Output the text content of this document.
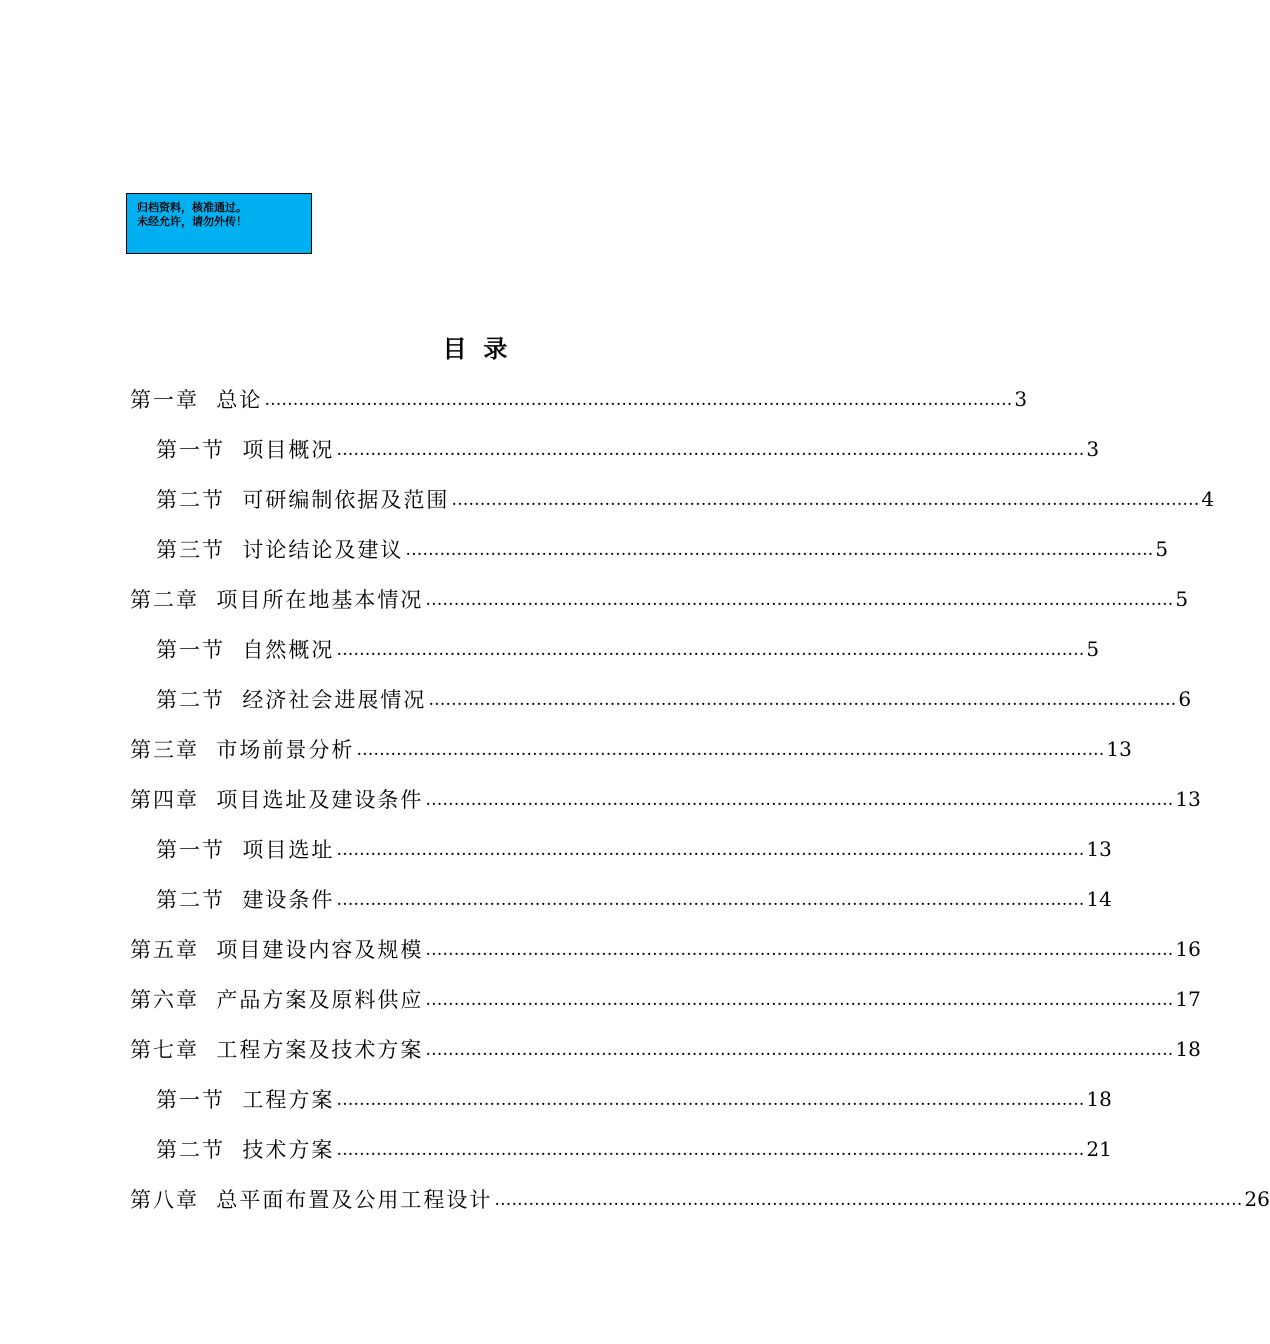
归档资料，核准通过。
未经允许，请勿外传！
目  录
第一章  总论 …………………………………………………………………………………………………………………… 3
第一节  项目概况 …………………………………………………………………………………………………………………… 3
第二节  可研编制依据及范围 …………………………………………………………………………………………………………………… 4
第三节  讨论结论及建议 …………………………………………………………………………………………………………………… 5
第二章  项目所在地基本情况 …………………………………………………………………………………………………………………… 5
第一节  自然概况 …………………………………………………………………………………………………………………… 5
第二节  经济社会进展情况 …………………………………………………………………………………………………………………… 6
第三章  市场前景分析 …………………………………………………………………………………………………………………… 13
第四章  项目选址及建设条件 …………………………………………………………………………………………………………………… 13
第一节  项目选址 …………………………………………………………………………………………………………………… 13
第二节  建设条件 …………………………………………………………………………………………………………………… 14
第五章  项目建设内容及规模 …………………………………………………………………………………………………………………… 16
第六章  产品方案及原料供应 …………………………………………………………………………………………………………………… 17
第七章  工程方案及技术方案 …………………………………………………………………………………………………………………… 18
第一节  工程方案 …………………………………………………………………………………………………………………… 18
第二节  技术方案 …………………………………………………………………………………………………………………… 21
第八章  总平面布置及公用工程设计 …………………………………………………………………………………………………………………… 26
